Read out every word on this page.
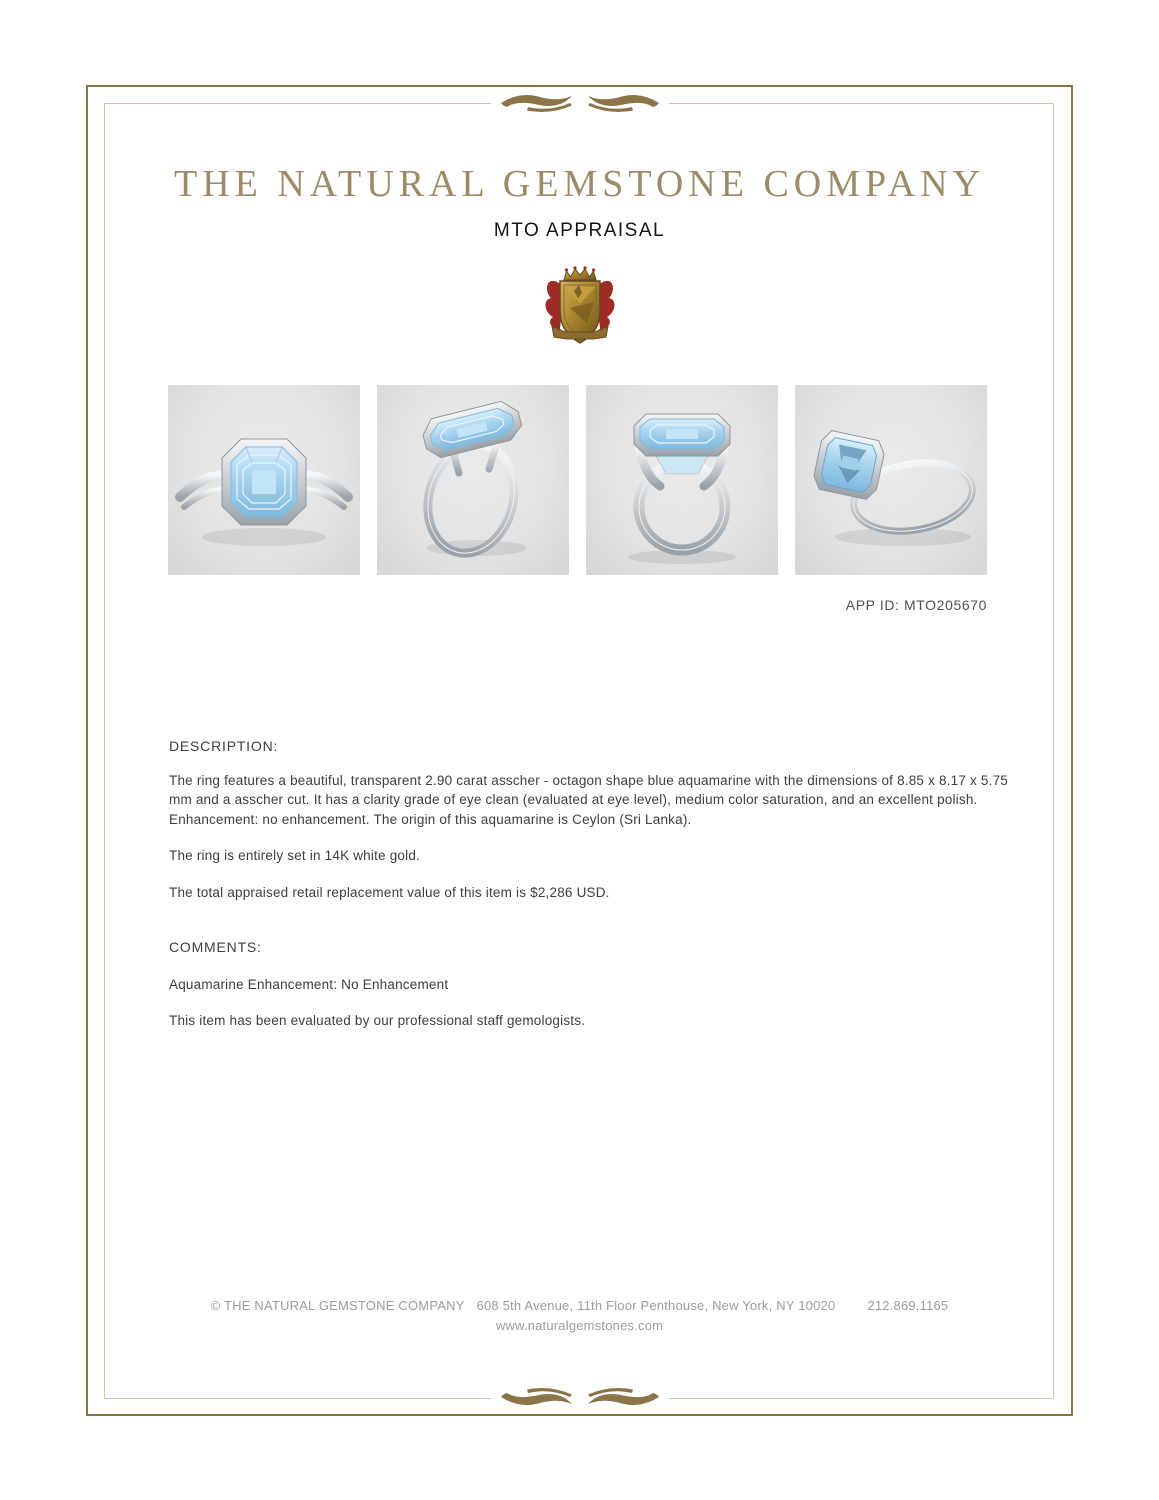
THE NATURAL GEMSTONE COMPANY
MTO APPRAISAL
APP ID: MTO205670
DESCRIPTION:

The ring features a beautiful, transparent 2.90 carat asscher - octagon shape blue aquamarine with the dimensions of 8.85 x 8.17 x 5.75 mm and a asscher cut. It has a clarity grade of eye clean (evaluated at eye level), medium color saturation, and an excellent polish. Enhancement: no enhancement. The origin of this aquamarine is Ceylon (Sri Lanka).

The ring is entirely set in 14K white gold.

The total appraised retail replacement value of this item is $2,286 USD.

COMMENTS:

Aquamarine Enhancement: No Enhancement

This item has been evaluated by our professional staff gemologists.

© THE NATURAL GEMSTONE COMPANY 608 5th Avenue, 11th Floor Penthouse, New York, NY 10020 212.869.1165
www.naturalgemstones.com
